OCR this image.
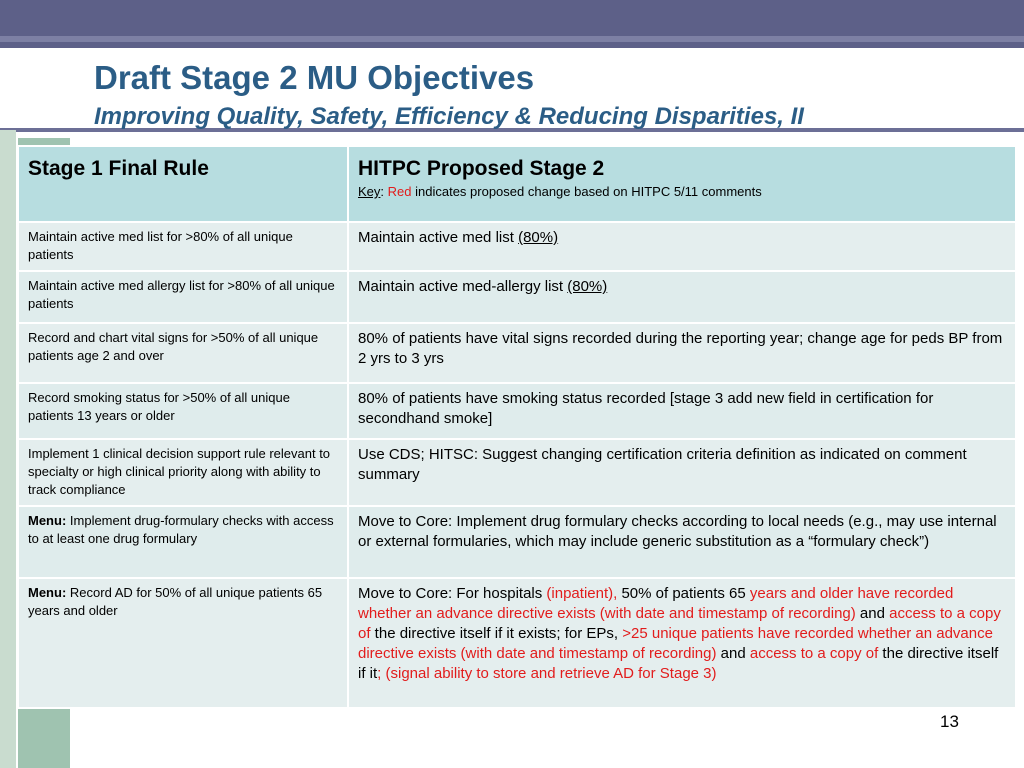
Draft Stage 2 MU Objectives
Improving Quality, Safety, Efficiency & Reducing Disparities, II
Stage 1 Final Rule	HITPC Proposed Stage 2
Key: Red indicates proposed change based on HITPC 5/11 comments
Maintain active med list for >80% of all unique patients	Maintain active med list (80%)
Maintain active med allergy list for >80% of all unique patients	Maintain active med-allergy list (80%)
Record and chart vital signs for >50% of all unique patients age 2 and over	80% of patients have vital signs recorded during the reporting year; change age for peds BP from 2 yrs to 3 yrs
Record smoking status for >50% of all unique patients 13 years or older	80% of patients have smoking status recorded [stage 3 add new field in certification for secondhand smoke]
Implement 1 clinical decision support rule relevant to specialty or high clinical priority along with ability to track compliance	Use CDS; HITSC: Suggest changing certification criteria definition as indicated on comment summary
Menu: Implement drug-formulary checks with access to at least one drug formulary	Move to Core: Implement drug formulary checks according to local needs (e.g., may use internal or external formularies, which may include generic substitution as a “formulary check”)
Menu: Record AD for 50% of all unique patients 65 years and older	Move to Core: For hospitals (inpatient), 50% of patients 65 years and older have recorded whether an advance directive exists (with date and timestamp of recording) and access to a copy of the directive itself if it exists; for EPs, >25 unique patients have recorded whether an advance directive exists (with date and timestamp of recording) and access to a copy of the directive itself if it; (signal ability to store and retrieve AD for Stage 3)
13
